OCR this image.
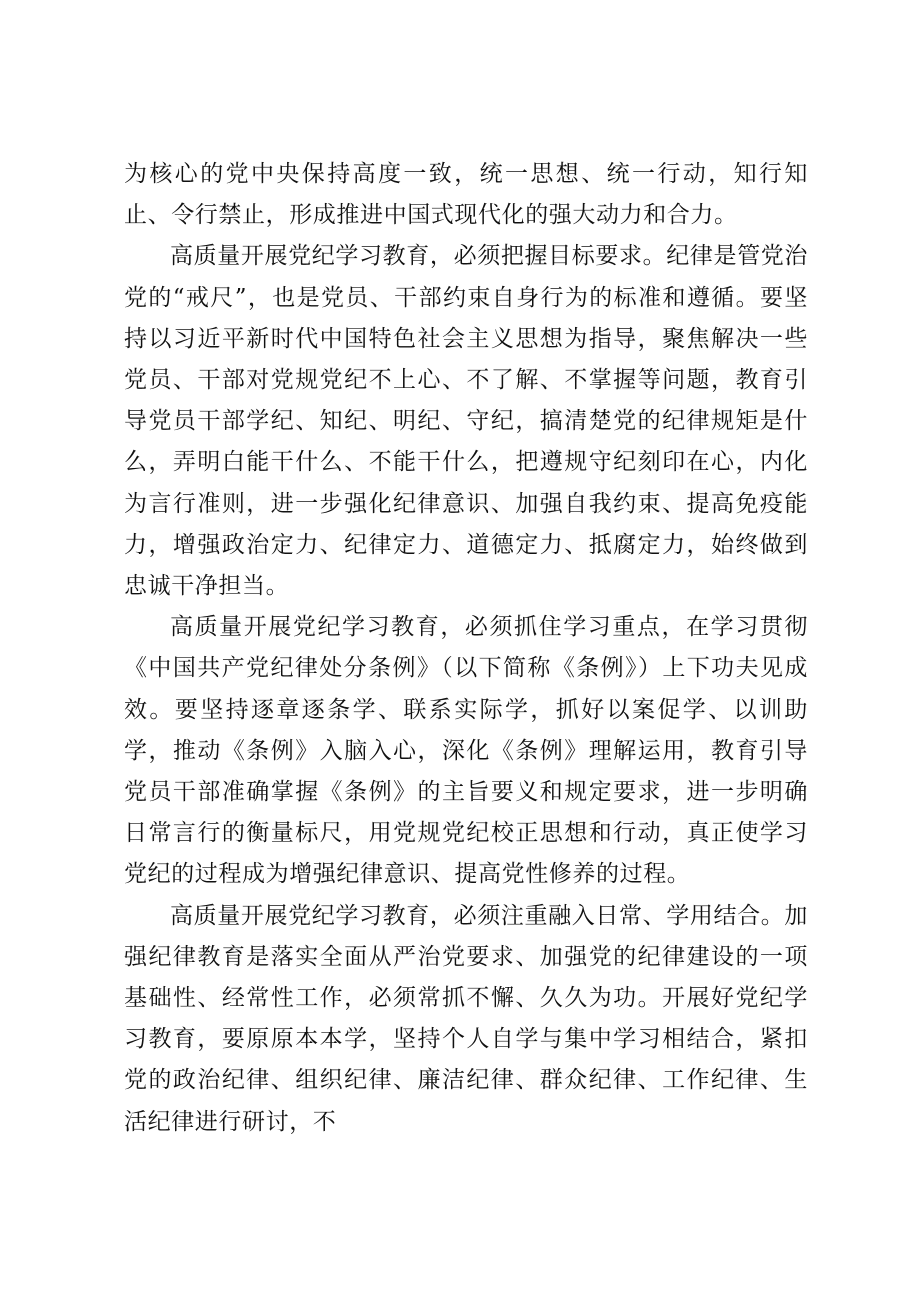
为核心的党中央保持高度一致，统一思想、统一行动，知行知止、令行禁止，形成推进中国式现代化的强大动力和合力。

高质量开展党纪学习教育，必须把握目标要求。纪律是管党治党的“戒尺”，也是党员、干部约束自身行为的标准和遵循。要坚持以习近平新时代中国特色社会主义思想为指导，聚焦解决一些党员、干部对党规党纪不上心、不了解、不掌握等问题，教育引导党员干部学纪、知纪、明纪、守纪，搞清楚党的纪律规矩是什么，弄明白能干什么、不能干什么，把遵规守纪刻印在心，内化为言行准则，进一步强化纪律意识、加强自我约束、提高免疫能力，增强政治定力、纪律定力、道德定力、抵腐定力，始终做到忠诚干净担当。

高质量开展党纪学习教育，必须抓住学习重点，在学习贯彻《中国共产党纪律处分条例》（以下简称《条例》）上下功夫见成效。要坚持逐章逐条学、联系实际学，抓好以案促学、以训助学，推动《条例》入脑入心，深化《条例》理解运用，教育引导党员干部准确掌握《条例》的主旨要义和规定要求，进一步明确日常言行的衡量标尺，用党规党纪校正思想和行动，真正使学习党纪的过程成为增强纪律意识、提高党性修养的过程。

高质量开展党纪学习教育，必须注重融入日常、学用结合。加强纪律教育是落实全面从严治党要求、加强党的纪律建设的一项基础性、经常性工作，必须常抓不懈、久久为功。开展好党纪学习教育，要原原本本学，坚持个人自学与集中学习相结合，紧扣党的政治纪律、组织纪律、廉洁纪律、群众纪律、工作纪律、生活纪律进行研讨，不
